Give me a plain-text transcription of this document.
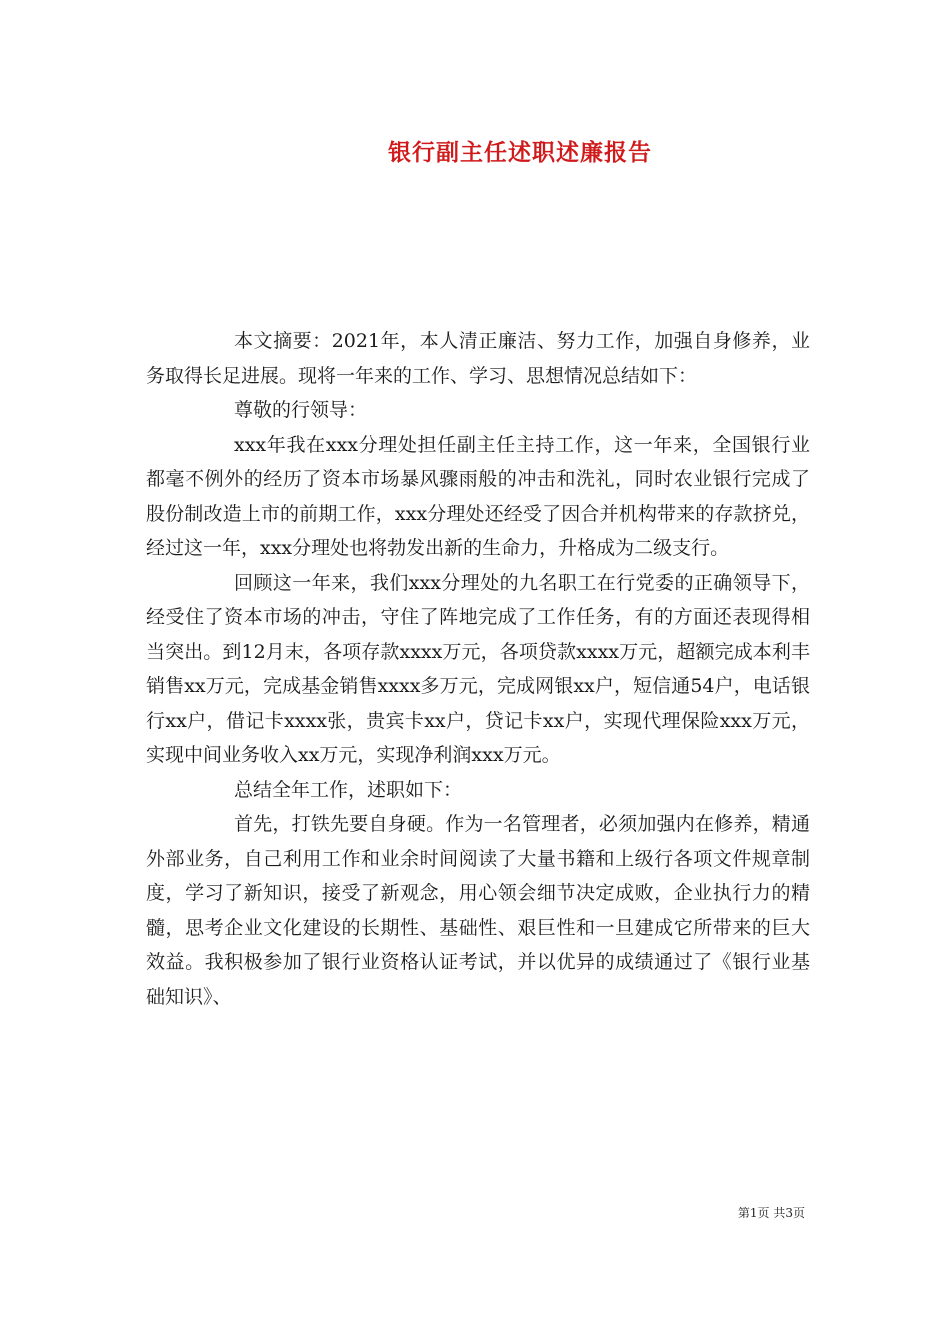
银行副主任述职述廉报告

本文摘要：2021年，本人清正廉洁、努力工作，加强自身修养，业务取得长足进展。现将一年来的工作、学习、思想情况总结如下：

尊敬的行领导：

xxx年我在xxx分理处担任副主任主持工作，这一年来，全国银行业都毫不例外的经历了资本市场暴风骤雨般的冲击和洗礼，同时农业银行完成了股份制改造上市的前期工作，xxx分理处还经受了因合并机构带来的存款挤兑，经过这一年，xxx分理处也将勃发出新的生命力，升格成为二级支行。

回顾这一年来，我们xxx分理处的九名职工在行党委的正确领导下，经受住了资本市场的冲击，守住了阵地完成了工作任务，有的方面还表现得相当突出。到12月末，各项存款xxxx万元，各项贷款xxxx万元，超额完成本利丰销售xx万元，完成基金销售xxxx多万元，完成网银xx户，短信通54户，电话银行xx户，借记卡xxxx张，贵宾卡xx户，贷记卡xx户，实现代理保险xxx万元，实现中间业务收入xx万元，实现净利润xxx万元。

总结全年工作，述职如下：

首先，打铁先要自身硬。作为一名管理者，必须加强内在修养，精通外部业务，自己利用工作和业余时间阅读了大量书籍和上级行各项文件规章制度，学习了新知识，接受了新观念，用心领会细节决定成败，企业执行力的精髓，思考企业文化建设的长期性、基础性、艰巨性和一旦建成它所带来的巨大效益。我积极参加了银行业资格认证考试，并以优异的成绩通过了《银行业基础知识》、

第1页 共3页
